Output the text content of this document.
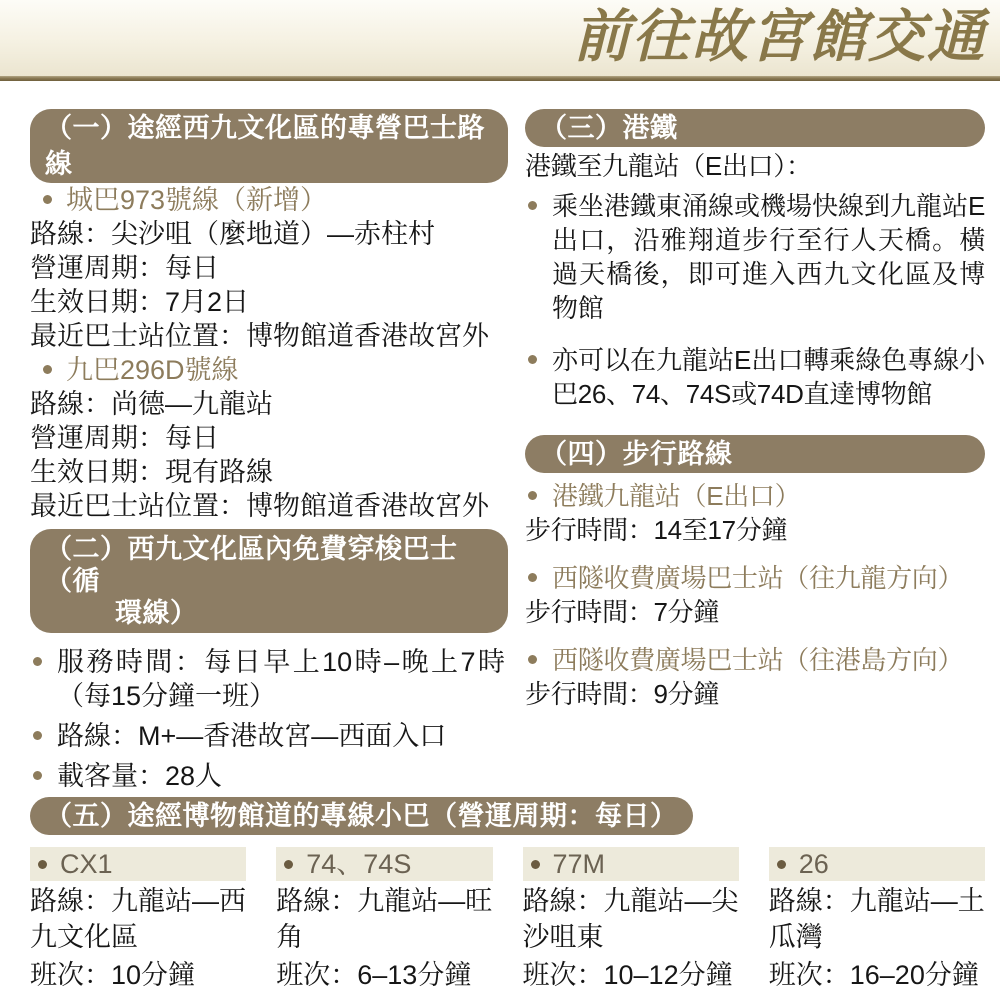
前往故宮館交通
（一）途經西九文化區的專營巴士路線
城巴973號線（新增）
路線：尖沙咀（麼地道）—赤柱村
營運周期：每日
生效日期：7月2日
最近巴士站位置：博物館道香港故宮外
九巴296D號線
路線：尚德—九龍站
營運周期：每日
生效日期：現有路線
最近巴士站位置：博物館道香港故宮外
（二）西九文化區內免費穿梭巴士（循
環線）
服務時間：每日早上10時–晚上7時（每15分鐘一班）
路線：M+—香港故宮—西面入口
載客量：28人
（三）港鐵
港鐵至九龍站（E出口）：
乘坐港鐵東涌線或機場快線到九龍站E出口，沿雅翔道步行至行人天橋。橫過天橋後，即可進入西九文化區及博物館
亦可以在九龍站E出口轉乘綠色專線小巴26、74、74S或74D直達博物館
（四）步行路線
港鐵九龍站（E出口）
步行時間：14至17分鐘
西隧收費廣場巴士站（往九龍方向）
步行時間：7分鐘
西隧收費廣場巴士站（往港島方向）
步行時間：9分鐘
（五）途經博物館道的專線小巴（營運周期：每日）
CX1
路線：九龍站—西九文化區
班次：10分鐘
74、74S
路線：九龍站—旺角
班次：6–13分鐘
77M
路線：九龍站—尖沙咀東
班次：10–12分鐘
26
路線：九龍站—土瓜灣
班次：16–20分鐘
